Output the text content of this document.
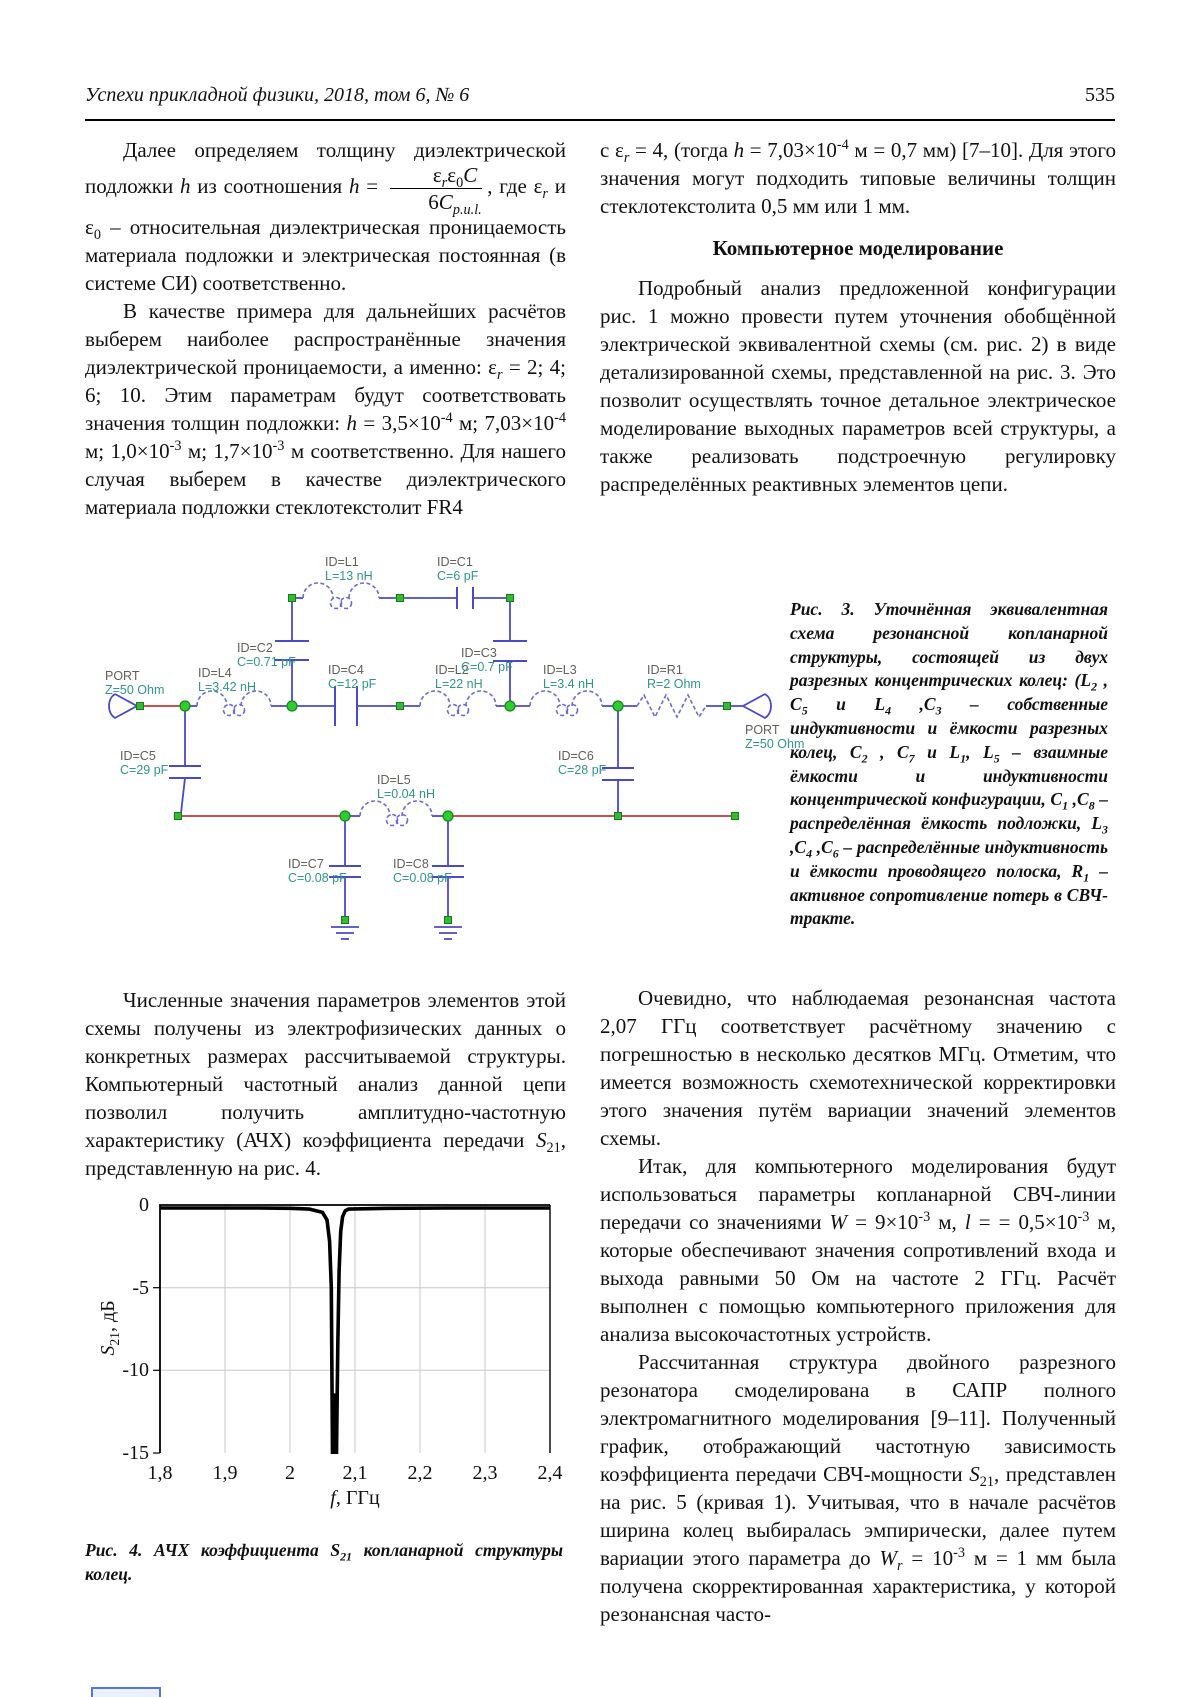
Успехи прикладной физики, 2018, том 6, № 6	535

Далее определяем толщину диэлектрической подложки h из соотношения $h = \frac{\varepsilon_r\varepsilon_0C}{6C_{p.u.l.}}$ , где $\varepsilon_r$ и $\varepsilon_0$ – относительная диэлектрическая проницаемость материала подложки и электрическая постоянная (в системе СИ) соответственно.

В качестве примера для дальнейших расчётов выберем наиболее распространённые значения диэлектрической проницаемости, а именно: $\varepsilon_r = 2$; 4; 6; 10. Этим параметрам будут соответствовать значения толщин подложки: $h = 3,5\times 10^{-4}$ м; $7,03\times 10^{-4}$ м; $1,0\times 10^{-3}$ м; $1,7\times 10^{-3}$ м соответственно. Для нашего случая выберем в качестве диэлектрического материала подложки стеклотекстолит FR4

с $\varepsilon_r = 4$, (тогда $h = 7,03\times 10^{-4}$ м = 0,7 мм) [7–10]. Для этого значения могут подходить типовые величины толщин стеклотекстолита 0,5 мм или 1 мм.

Компьютерное моделирование

Подробный анализ предложенной конфигурации рис. 1 можно провести путем уточнения обобщённой электрической эквивалентной схемы (см. рис. 2) в виде детализированной схемы, представленной на рис. 3. Это позволит осуществлять точное детальное электрическое моделирование выходных параметров всей структуры, а также реализовать подстроечную регулировку распределённых реактивных элементов цепи.

PORT
Z=50 Ohm
ID=L4
L=3.42 nH
ID=C2
C=0.71 pF
ID=L1
L=13 nH
ID=C1
C=6 pF
ID=C4
C=12 pF
ID=L2
L=22 nH
ID=C3
C=0.7 pF ID=L3
L=3.4 nH
ID=R1
R=2 Ohm
PORT
Z=50 Ohm
ID=C5
C=29 pF
ID=C6
C=28 pF
ID=L5
L=0.04 nH
ID=C7
C=0.08 pF
ID=C8
C=0.08 pF
Рис. 3. Уточнённая эквивалентная схема резонансной копланарной структуры, состоящей из двух разрезных концентрических колец: ($L_2$ , $C_5$ и $L_4$ $,C_3$ – собственные индуктивности и ёмкости разрезных колец, $C_2$ , $C_7$ и $L_1$, $L_5$ – взаимные ёмкости и индуктивности концентрической конфигурации, $C_1$ $,C_8$ – распределённая ёмкость подложки, $L_3$ $,C_4$ $,C_6$ – распределённые индуктивность и ёмкости проводящего полоска, $R_1$ – активное сопротивление потерь в СВЧ-тракте.

Численные значения параметров элементов этой схемы получены из электрофизических данных о конкретных размерах рассчитываемой структуры. Компьютерный частотный анализ данной цепи позволил получить амплитудно-частотную характеристику (АЧХ) коэффициента передачи $S_{21}$, представленную на рис. 4.

Очевидно, что наблюдаемая резонансная частота 2,07 ГГц соответствует расчётному значению с погрешностью в несколько десятков МГц. Отметим, что имеется возможность схемотехнической корректировки этого значения путём вариации значений элементов схемы.

Итак, для компьютерного моделирования будут использоваться параметры копланарной СВЧ-линии передачи со значениями $W = 9\times 10^{-3}$ м, l = = $0,5\times 10^{-3}$ м, которые обеспечивают значения сопротивлений входа и выхода равными 50 Ом на частоте 2 ГГц. Расчёт выполнен с помощью компьютерного приложения для анализа высокочастотных устройств.

Рассчитанная структура двойного разрезного резонатора смоделирована в САПР полного электромагнитного моделирования [9–11]. Полученный график, отображающий частотную зависимость коэффициента передачи СВЧ-мощности $S_{21}$, представлен на рис. 5 (кривая 1). Учитывая, что в начале расчётов ширина колец выбиралась эмпирически, далее путем вариации этого параметра до $W_r = 10^{-3}$ м = 1 мм была получена скорректированная характеристика, у которой резонансная часто-

0
-5
-10
-15
1,8	1,9	2	2,1	2,2	2,3	2,4
f, ГГц
$S_{21}$, дБ
Рис. 4. АЧХ коэффициента $S_{21}$ копланарной структуры колец.
